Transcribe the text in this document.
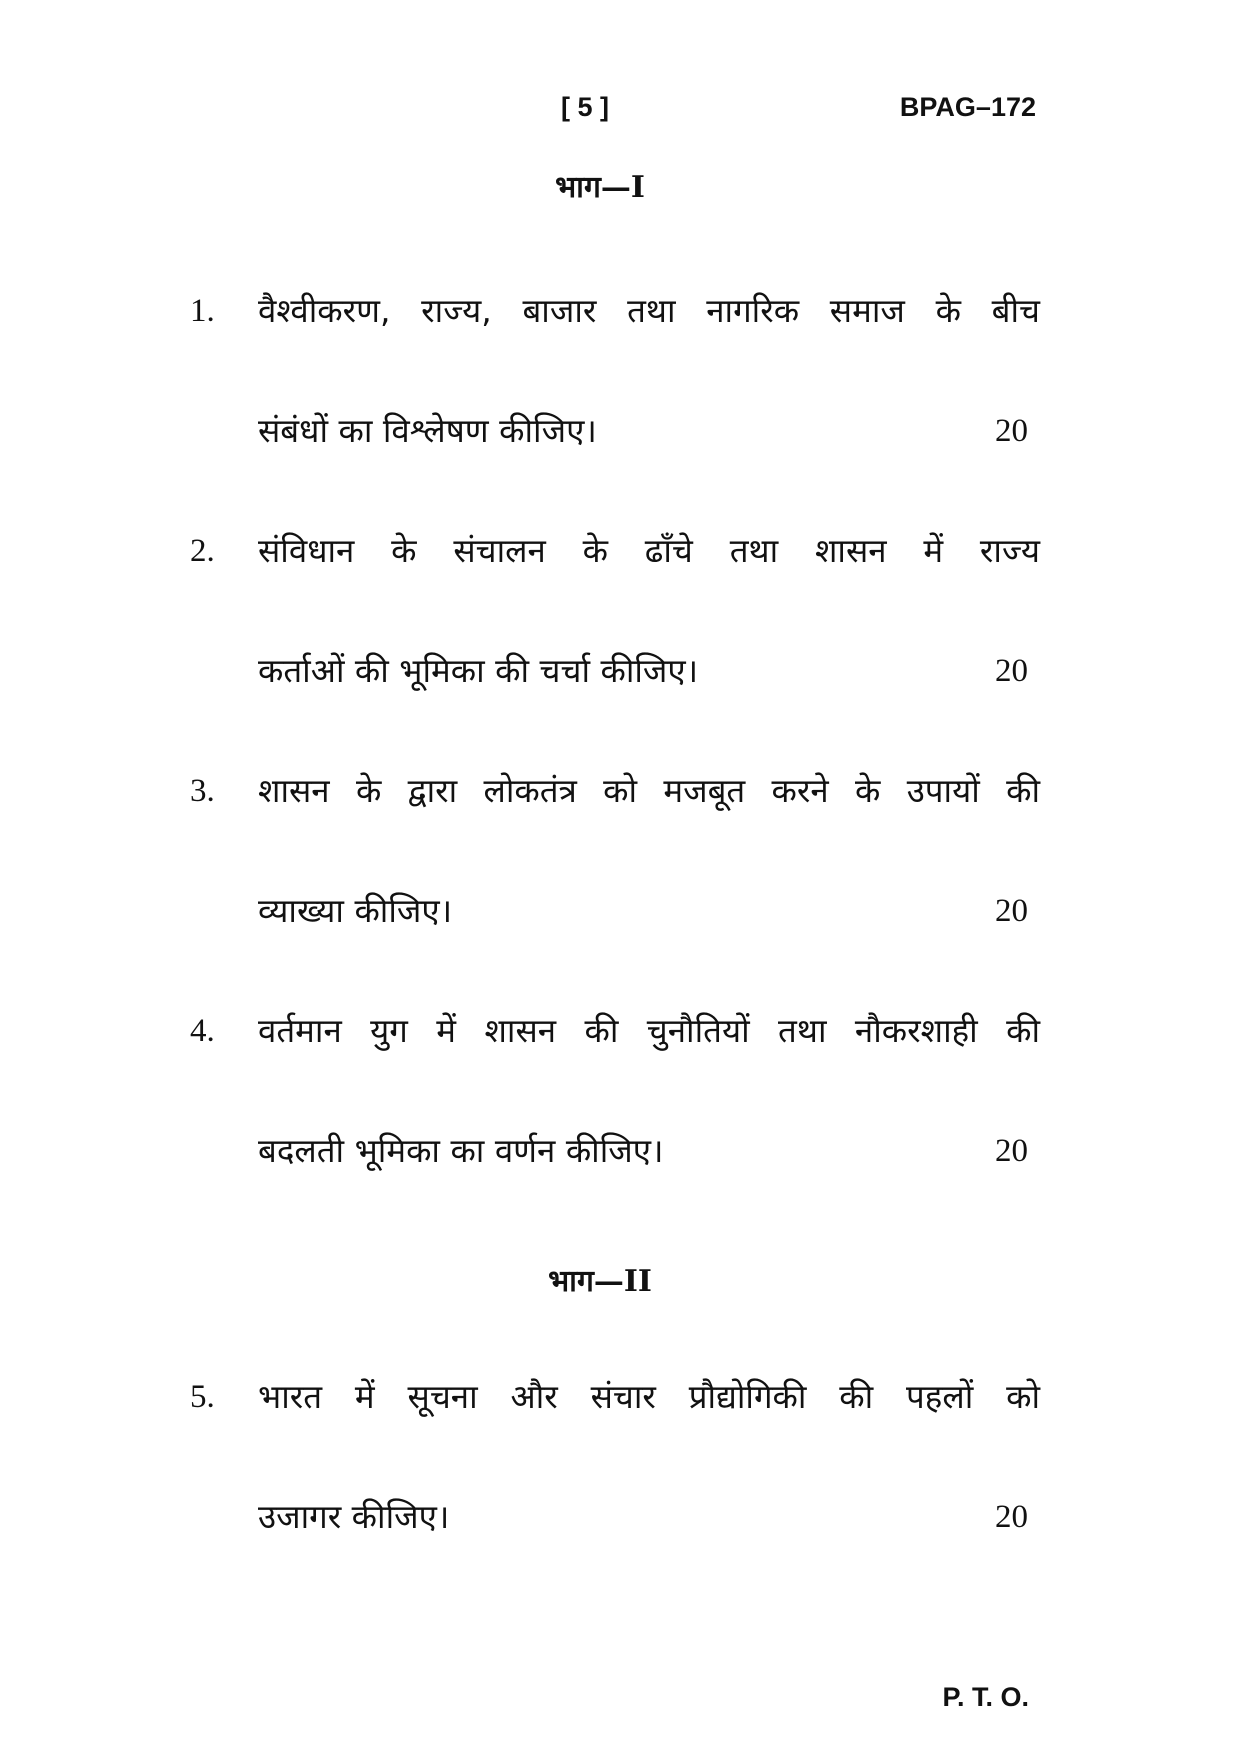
[ 5 ]	BPAG–172
भाग—I
1. वैश्वीकरण, राज्य, बाजार तथा नागरिक समाज के बीच
संबंधों का विश्लेषण कीजिए।	20
2. संविधान के संचालन के ढाँचे तथा शासन में राज्य
कर्ताओं की भूमिका की चर्चा कीजिए।	20
3. शासन के द्वारा लोकतंत्र को मजबूत करने के उपायों की
व्याख्या कीजिए।	20
4. वर्तमान युग में शासन की चुनौतियों तथा नौकरशाही की
बदलती भूमिका का वर्णन कीजिए।	20
भाग—II
5. भारत में सूचना और संचार प्रौद्योगिकी की पहलों को
उजागर कीजिए।	20
P. T. O.
